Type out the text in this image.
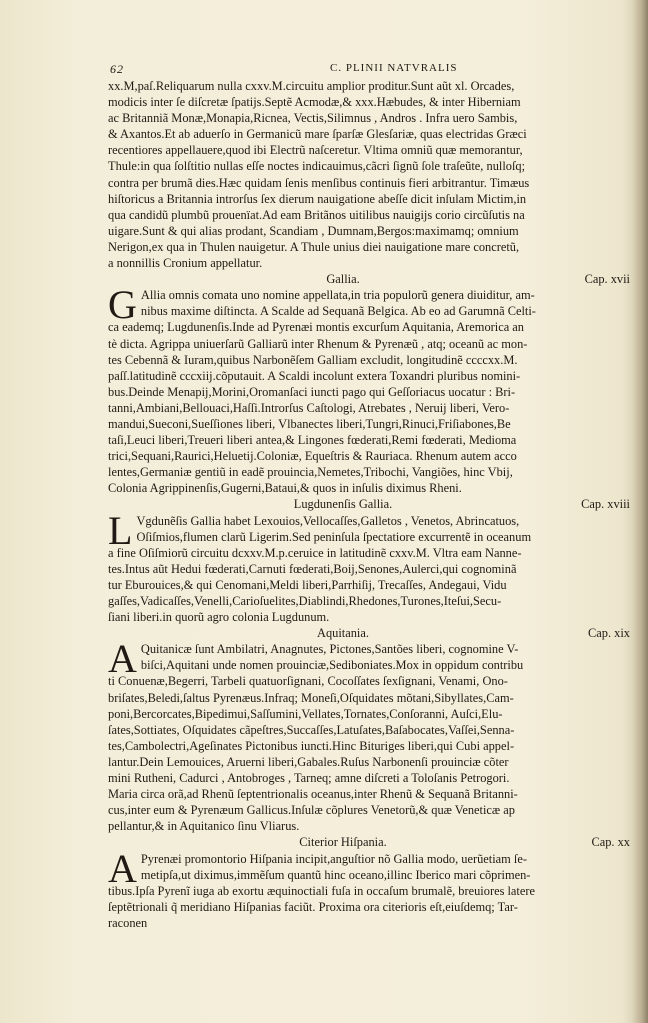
62	C. PLINII NATVRALIS
xx.M,paſ.Reliquarum nulla cxxv.M.circuitu amplior proditur.Sunt aũt xl. Orcades,
modicis inter ſe diſcretæ ſpatijs.Septẽ Acmodæ,& xxx.Hæbudes, & inter Hiberniam
ac Britanniã Monæ,Monapia,Ricnea, Vectis,Silimnus , Andros . Infra uero Sambis,
& Axantos.Et ab aduerſo in Germanicũ mare ſparſæ Glesſariæ, quas electridas Græci
recentiores appellauere,quod ibi Electrũ naſceretur. Vltima omniũ quæ memorantur,
Thule:in qua ſolſtitio nullas eſſe noctes indicauimus,cãcri ſignũ ſole traſeũte, nulloſq;
contra per brumã dies.Hæc quidam ſenis menſibus continuis fieri arbitrantur. Timæus
hiſtoricus a Britannia introrſus ſex dierum nauigatione abeſſe dicit inſulam Mictim,in
qua candidũ plumbũ prouenïat.Ad eam Britãnos uitilibus nauigijs corio circũſutis na
uigare.Sunt & qui alias prodant, Scandiam , Dumnam,Bergos:maximamq; omnium
Nerigon,ex qua in Thulen nauigetur. A Thule unius diei nauigatione mare concretũ,
a nonnillis Cronium appellatur.
Gallia.	Cap. xvii
G Allia omnis comata uno nomine appellata,in tria populorũ genera diuiditur, am-
nibus maxime diſtincta. A Scalde ad Sequanã Belgica. Ab eo ad Garumnã Celti-
ca eademq; Lugdunenſis.Inde ad Pyrenæi montis excurſum Aquitania, Aremorica an
tè dicta. Agrippa uniuerſarũ Galliarũ inter Rhenum & Pyrenæũ , atq; oceanũ ac mon-
tes Cebennã & Iuram,quibus Narbonẽſem Galliam excludit, longitudinẽ ccccxx.M.
paſſ.latitudinẽ cccxiij.cõputauit. A Scaldi incolunt extera Toxandri pluribus nomini-
bus.Deinde Menapij,Morini,Oromanſaci iuncti pago qui Geſſoriacus uocatur : Bri-
tanni,Ambiani,Bellouaci,Haſſi.Introrſus Caſtologi, Atrebates , Neruij liberi, Vero-
mandui,Sueconi,Sueſſiones liberi, Vlbanectes liberi,Tungri,Rinuci,Friſiabones,Be
taſi,Leuci liberi,Treueri liberi antea,& Lingones fœderati,Remi fœderati, Medioma
trici,Sequani,Raurici,Heluetij.Coloniæ, Equeſtris & Rauriaca. Rhenum autem acco
lentes,Germaniæ gentiũ in eadẽ prouincia,Nemetes,Tribochi, Vangiões, hinc Vbij,
Colonia Agrippinenſis,Gugerni,Bataui,& quos in inſulis diximus Rheni.
Lugdunenſis Gallia.	Cap. xviii
L Vgdunẽſis Gallia habet Lexouios,Vellocaſſes,Galletos , Venetos, Abrincatuos,
Oſiſmios,flumen clarũ Ligerim.Sed peninſula ſpectatiore excurrentẽ in oceanum
a fine Oſiſmiorũ circuitu dcxxv.M.p.ceruice in latitudinẽ cxxv.M. Vltra eam Nanne-
tes.Intus aũt Hedui fœderati,Carnuti fœderati,Boij,Senones,Aulerci,qui cognominã
tur Eburouices,& qui Cenomani,Meldi liberi,Parrhiſij, Trecaſſes, Andegaui, Vidu
gaſſes,Vadicaſſes,Venelli,Carioſuelites,Diablindi,Rhedones,Turones,Iteſui,Secu-
ſiani liberi.in quorũ agro colonia Lugdunum.
Aquitania.	Cap. xix
A Quitanicæ ſunt Ambilatri, Anagnutes, Pictones,Santões liberi, cognomine V-
biſci,Aquitani unde nomen prouinciæ,Sediboniates.Mox in oppidum contribu
ti Conuenæ,Begerri, Tarbeli quatuorſignani, Cocoſſates ſexſignani, Venami, Ono-
briſates,Beledi,ſaltus Pyrenæus.Infraq; Moneſi,Oſquidates mõtani,Sibyllates,Cam-
poni,Bercorcates,Bipedimui,Saſſumini,Vellates,Tornates,Conſoranni, Auſci,Elu-
ſates,Sottiates, Oſquidates cãpeſtres,Succaſſes,Latuſates,Baſabocates,Vaſſei,Senna-
tes,Cambolectri,Ageſinates Pictonibus iuncti.Hinc Bituriges liberi,qui Cubi appel-
lantur.Dein Lemouices, Aruerni liberi,Gabales.Ruſus Narbonenſi prouinciæ cõter
mini Rutheni, Cadurci , Antobroges , Tarneq; amne diſcreti a Toloſanis Petrogori.
Maria circa orã,ad Rhenũ ſeptentrionalis oceanus,inter Rhenũ & Sequanã Britanni-
cus,inter eum & Pyrenæum Gallicus.Inſulæ cõplures Venetorũ,& quæ Veneticæ ap
pellantur,& in Aquitanico ſinu Vliarus.
Citerior Hiſpania.	Cap. xx
A Pyrenæi promontorio Hiſpania incipit,anguſtior nõ Gallia modo, uerũetiam ſe-
metipſa,ut diximus,immẽſum quantũ hinc oceano,illinc Iberico mari cõprimen-
tibus.Ipſa Pyrenĩ iuga ab exortu æquinoctiali fuſa in occaſum brumalẽ, breuiores latere
ſeptẽtrionali q̃ meridiano Hiſpanias faciũt. Proxima ora citerioris eſt,eiuſdemq; Tar-
raconen
